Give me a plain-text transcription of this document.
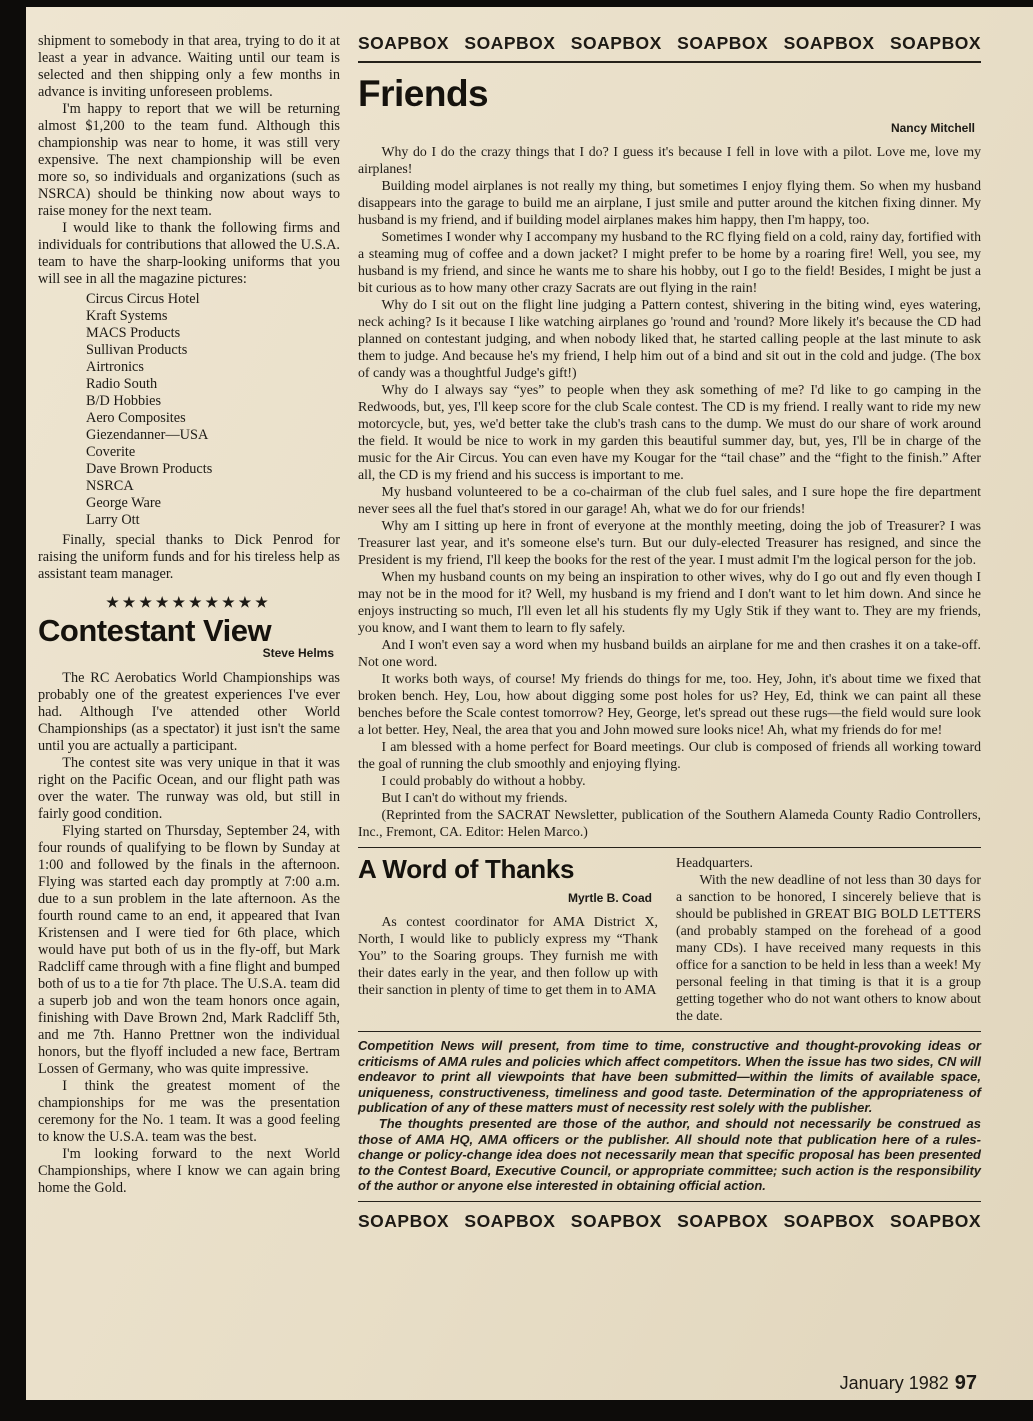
shipment to somebody in that area, trying to do it at least a year in advance. Waiting until our team is selected and then shipping only a few months in advance is inviting unforeseen problems.

I'm happy to report that we will be returning almost $1,200 to the team fund. Although this championship was near to home, it was still very expensive. The next championship will be even more so, so individuals and organizations (such as NSRCA) should be thinking now about ways to raise money for the next team.

I would like to thank the following firms and individuals for contributions that allowed the U.S.A. team to have the sharp-looking uniforms that you will see in all the magazine pictures:

Circus Circus Hotel
Kraft Systems
MACS Products
Sullivan Products
Airtronics
Radio South
B/D Hobbies
Aero Composites
Giezendanner—USA
Coverite
Dave Brown Products
NSRCA
George Ware
Larry Ott

Finally, special thanks to Dick Penrod for raising the uniform funds and for his tireless help as assistant team manager.

★★★★★★★★★★
Contestant View
Steve Helms

The RC Aerobatics World Championships was probably one of the greatest experiences I've ever had. Although I've attended other World Championships (as a spectator) it just isn't the same until you are actually a participant.

The contest site was very unique in that it was right on the Pacific Ocean, and our flight path was over the water. The runway was old, but still in fairly good condition.

Flying started on Thursday, September 24, with four rounds of qualifying to be flown by Sunday at 1:00 and followed by the finals in the afternoon. Flying was started each day promptly at 7:00 a.m. due to a sun problem in the late afternoon. As the fourth round came to an end, it appeared that Ivan Kristensen and I were tied for 6th place, which would have put both of us in the fly-off, but Mark Radcliff came through with a fine flight and bumped both of us to a tie for 7th place. The U.S.A. team did a superb job and won the team honors once again, finishing with Dave Brown 2nd, Mark Radcliff 5th, and me 7th. Hanno Prettner won the individual honors, but the flyoff included a new face, Bertram Lossen of Germany, who was quite impressive.

I think the greatest moment of the championships for me was the presentation ceremony for the No. 1 team. It was a good feeling to know the U.S.A. team was the best.

I'm looking forward to the next World Championships, where I know we can again bring home the Gold.

SOAPBOX SOAPBOX SOAPBOX SOAPBOX SOAPBOX SOAPBOX
Friends
Nancy Mitchell

Why do I do the crazy things that I do? I guess it's because I fell in love with a pilot. Love me, love my airplanes!

Building model airplanes is not really my thing, but sometimes I enjoy flying them. So when my husband disappears into the garage to build me an airplane, I just smile and putter around the kitchen fixing dinner. My husband is my friend, and if building model airplanes makes him happy, then I'm happy, too.

Sometimes I wonder why I accompany my husband to the RC flying field on a cold, rainy day, fortified with a steaming mug of coffee and a down jacket? I might prefer to be home by a roaring fire! Well, you see, my husband is my friend, and since he wants me to share his hobby, out I go to the field! Besides, I might be just a bit curious as to how many other crazy Sacrats are out flying in the rain!

Why do I sit out on the flight line judging a Pattern contest, shivering in the biting wind, eyes watering, neck aching? Is it because I like watching airplanes go 'round and 'round? More likely it's because the CD had planned on contestant judging, and when nobody liked that, he started calling people at the last minute to ask them to judge. And because he's my friend, I help him out of a bind and sit out in the cold and judge. (The box of candy was a thoughtful Judge's gift!)

Why do I always say “yes” to people when they ask something of me? I'd like to go camping in the Redwoods, but, yes, I'll keep score for the club Scale contest. The CD is my friend. I really want to ride my new motorcycle, but, yes, we'd better take the club's trash cans to the dump. We must do our share of work around the field. It would be nice to work in my garden this beautiful summer day, but, yes, I'll be in charge of the music for the Air Circus. You can even have my Kougar for the “tail chase” and the “fight to the finish.” After all, the CD is my friend and his success is important to me.

My husband volunteered to be a co-chairman of the club fuel sales, and I sure hope the fire department never sees all the fuel that's stored in our garage! Ah, what we do for our friends!

Why am I sitting up here in front of everyone at the monthly meeting, doing the job of Treasurer? I was Treasurer last year, and it's someone else's turn. But our duly-elected Treasurer has resigned, and since the President is my friend, I'll keep the books for the rest of the year. I must admit I'm the logical person for the job.

When my husband counts on my being an inspiration to other wives, why do I go out and fly even though I may not be in the mood for it? Well, my husband is my friend and I don't want to let him down. And since he enjoys instructing so much, I'll even let all his students fly my Ugly Stik if they want to. They are my friends, you know, and I want them to learn to fly safely.

And I won't even say a word when my husband builds an airplane for me and then crashes it on a take-off. Not one word.

It works both ways, of course! My friends do things for me, too. Hey, John, it's about time we fixed that broken bench. Hey, Lou, how about digging some post holes for us? Hey, Ed, think we can paint all these benches before the Scale contest tomorrow? Hey, George, let's spread out these rugs—the field would sure look a lot better. Hey, Neal, the area that you and John mowed sure looks nice! Ah, what my friends do for me!

I am blessed with a home perfect for Board meetings. Our club is composed of friends all working toward the goal of running the club smoothly and enjoying flying.

I could probably do without a hobby.

But I can't do without my friends.

(Reprinted from the SACRAT Newsletter, publication of the Southern Alameda County Radio Controllers, Inc., Fremont, CA. Editor: Helen Marco.)

A Word of Thanks
Myrtle B. Coad

As contest coordinator for AMA District X, North, I would like to publicly express my “Thank You” to the Soaring groups. They furnish me with their dates early in the year, and then follow up with their sanction in plenty of time to get them in to AMA

Headquarters.

With the new deadline of not less than 30 days for a sanction to be honored, I sincerely believe that is should be published in GREAT BIG BOLD LETTERS (and probably stamped on the forehead of a good many CDs). I have received many requests in this office for a sanction to be held in less than a week! My personal feeling in that timing is that it is a group getting together who do not want others to know about the date.

Competition News will present, from time to time, constructive and thought-provoking ideas or criticisms of AMA rules and policies which affect competitors. When the issue has two sides, CN will endeavor to print all viewpoints that have been submitted—within the limits of available space, uniqueness, constructiveness, timeliness and good taste. Determination of the appropriateness of publication of any of these matters must of necessity rest solely with the publisher.

The thoughts presented are those of the author, and should not necessarily be construed as those of AMA HQ, AMA officers or the publisher. All should note that publication here of a rules-change or policy-change idea does not necessarily mean that specific proposal has been presented to the Contest Board, Executive Council, or appropriate committee; such action is the responsibility of the author or anyone else interested in obtaining official action.

SOAPBOX SOAPBOX SOAPBOX SOAPBOX SOAPBOX SOAPBOX
January 1982 97
